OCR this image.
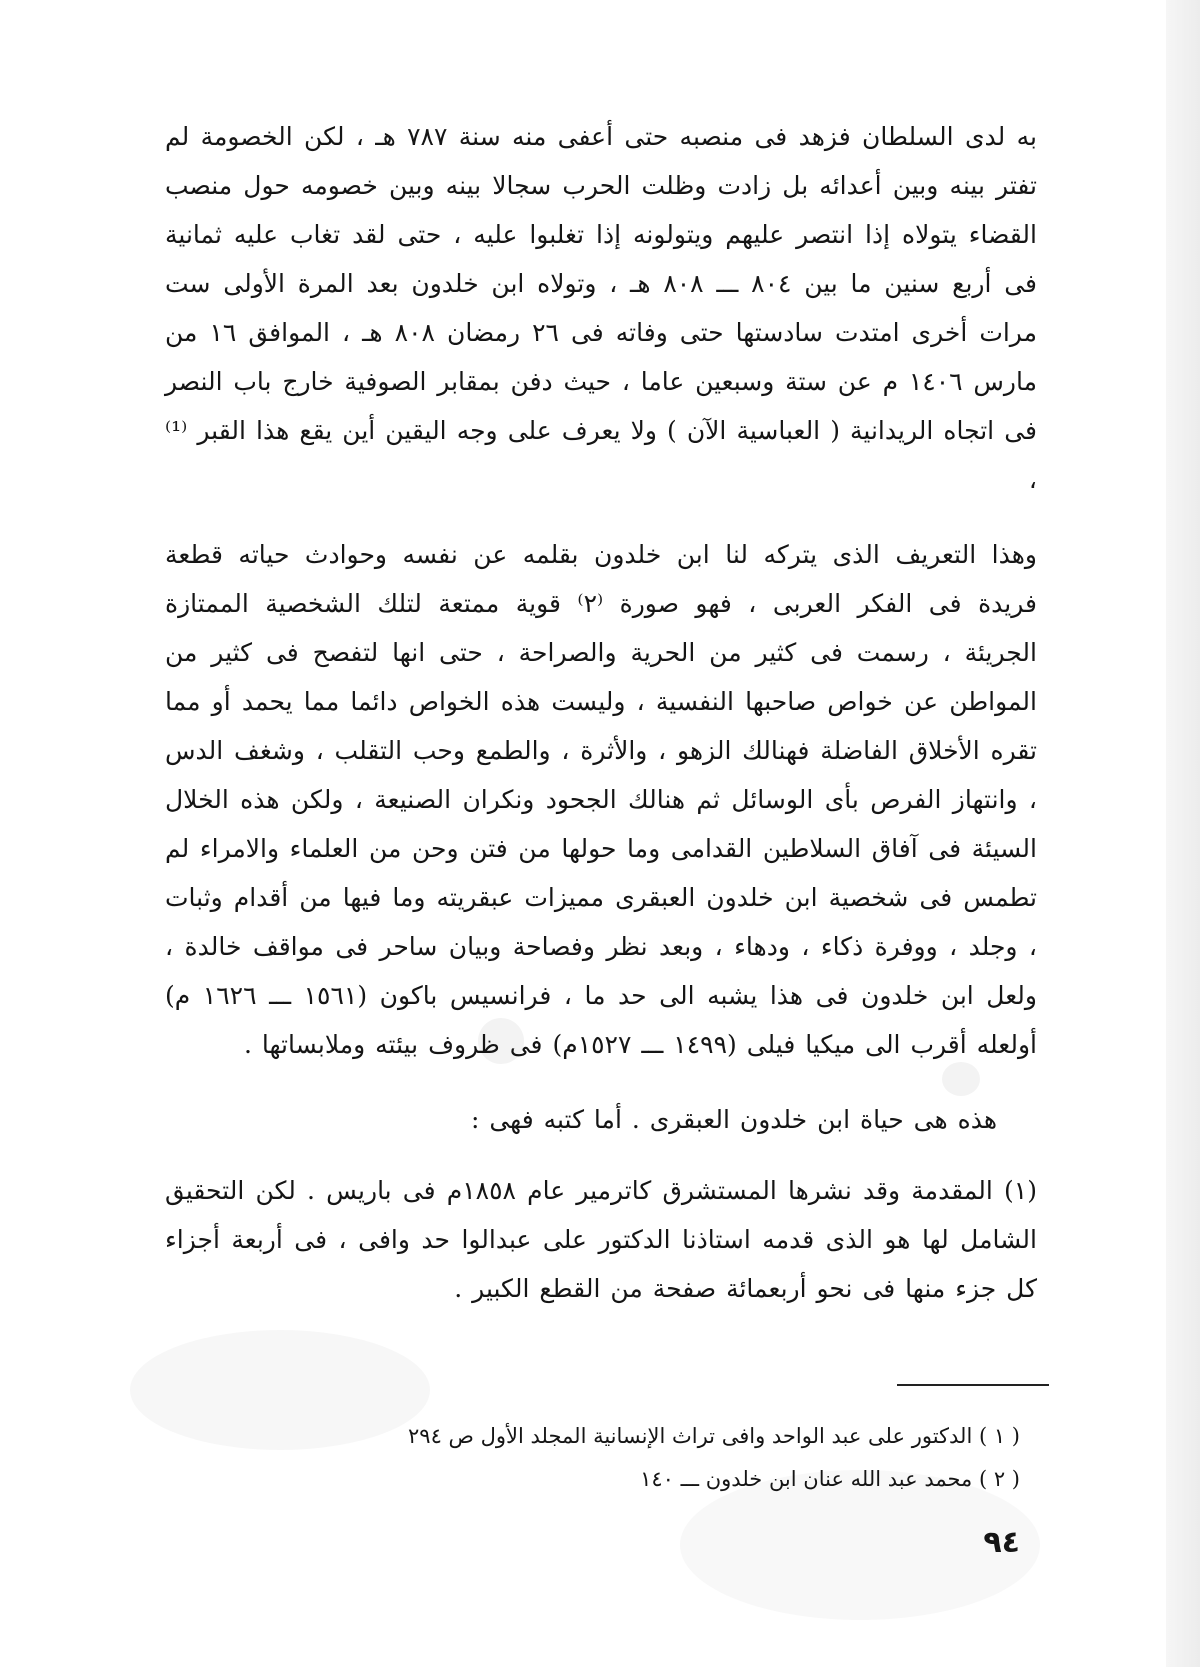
به لدى السلطان فزهد فى منصبه حتى أعفى منه سنة ٧٨٧ هـ ، لكن الخصومة لم تفتر بينه وبين أعدائه بل زادت وظلت الحرب سجالا بينه وبين خصومه حول منصب القضاء يتولاه إذا انتصر عليهم ويتولونه إذا تغلبوا عليه ، حتى لقد تغاب عليه ثمانية فى أربع سنين ما بين ٨٠٤ ـــ ٨٠٨ هـ ، وتولاه ابن خلدون بعد المرة الأولى ست مرات أخرى امتدت سادستها حتى وفاته فى ٢٦ رمضان ٨٠٨ هـ ، الموافق ١٦ من مارس ١٤٠٦ م عن ستة وسبعين عاما ، حيث دفن بمقابر الصوفية خارج باب النصر فى اتجاه الريدانية ( العباسية الآن ) ولا يعرف على وجه اليقين أين يقع هذا القبر ⁽¹⁾ ،

وهذا التعريف الذى يتركه لنا ابن خلدون بقلمه عن نفسه وحوادث حياته قطعة فريدة فى الفكر العربى ، فهو صورة ⁽٢⁾ قوية ممتعة لتلك الشخصية الممتازة الجريئة ، رسمت فى كثير من الحرية والصراحة ، حتى انها لتفصح فى كثير من المواطن عن خواص صاحبها النفسية ، وليست هذه الخواص دائما مما يحمد أو مما تقره الأخلاق الفاضلة فهنالك الزهو ، والأثرة ، والطمع وحب التقلب ، وشغف الدس ، وانتهاز الفرص بأى الوسائل ثم هنالك الجحود ونكران الصنيعة ، ولكن هذه الخلال السيئة فى آفاق السلاطين القدامى وما حولها من فتن وحن من العلماء والامراء لم تطمس فى شخصية ابن خلدون العبقرى مميزات عبقريته وما فيها من أقدام وثبات ، وجلد ، ووفرة ذكاء ، ودهاء ، وبعد نظر وفصاحة وبيان ساحر فى مواقف خالدة ، ولعل ابن خلدون فى هذا يشبه الى حد ما ، فرانسيس باكون (١٥٦١ ـــ ١٦٢٦ م) أولعله أقرب الى ميكيا فيلى (١٤٩٩ ـــ ١٥٢٧م) فى ظروف بيئته وملابساتها .

هذه هى حياة ابن خلدون العبقرى . أما كتبه فهى :

(١) المقدمة وقد نشرها المستشرق كاترمير عام ١٨٥٨م فى باريس . لكن التحقيق الشامل لها هو الذى قدمه استاذنا الدكتور على عبدالوا حد وافى ، فى أربعة أجزاء كل جزء منها فى نحو أربعمائة صفحة من القطع الكبير .

( ١ ) الدكتور على عبد الواحد وافى تراث الإنسانية المجلد الأول ص ٢٩٤

( ٢ ) محمد عبد الله عنان ابن خلدون ـــ ١٤٠

٩٤
